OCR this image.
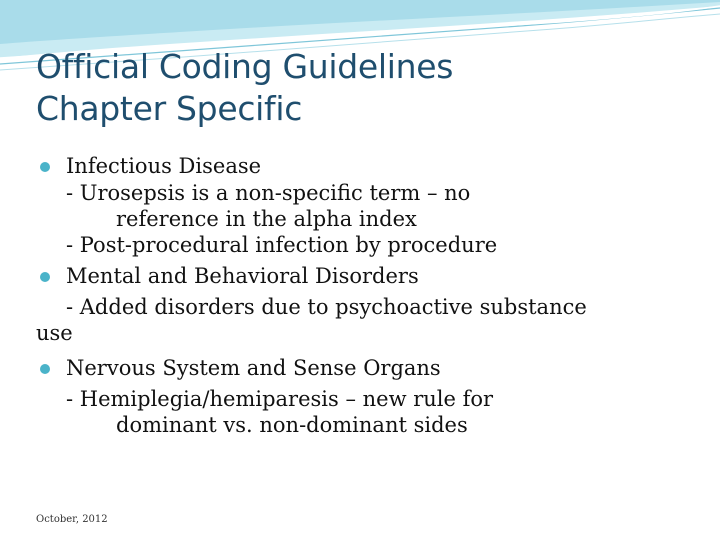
Official Coding Guidelines
Chapter Specific
Infectious Disease
- Urosepsis is a non-specific term – no
reference in the alpha index
- Post-procedural infection by procedure
Mental and Behavioral Disorders
- Added disorders due to psychoactive substance
use
Nervous System and Sense Organs
- Hemiplegia/hemiparesis – new rule for
dominant vs. non-dominant sides
October, 2012
